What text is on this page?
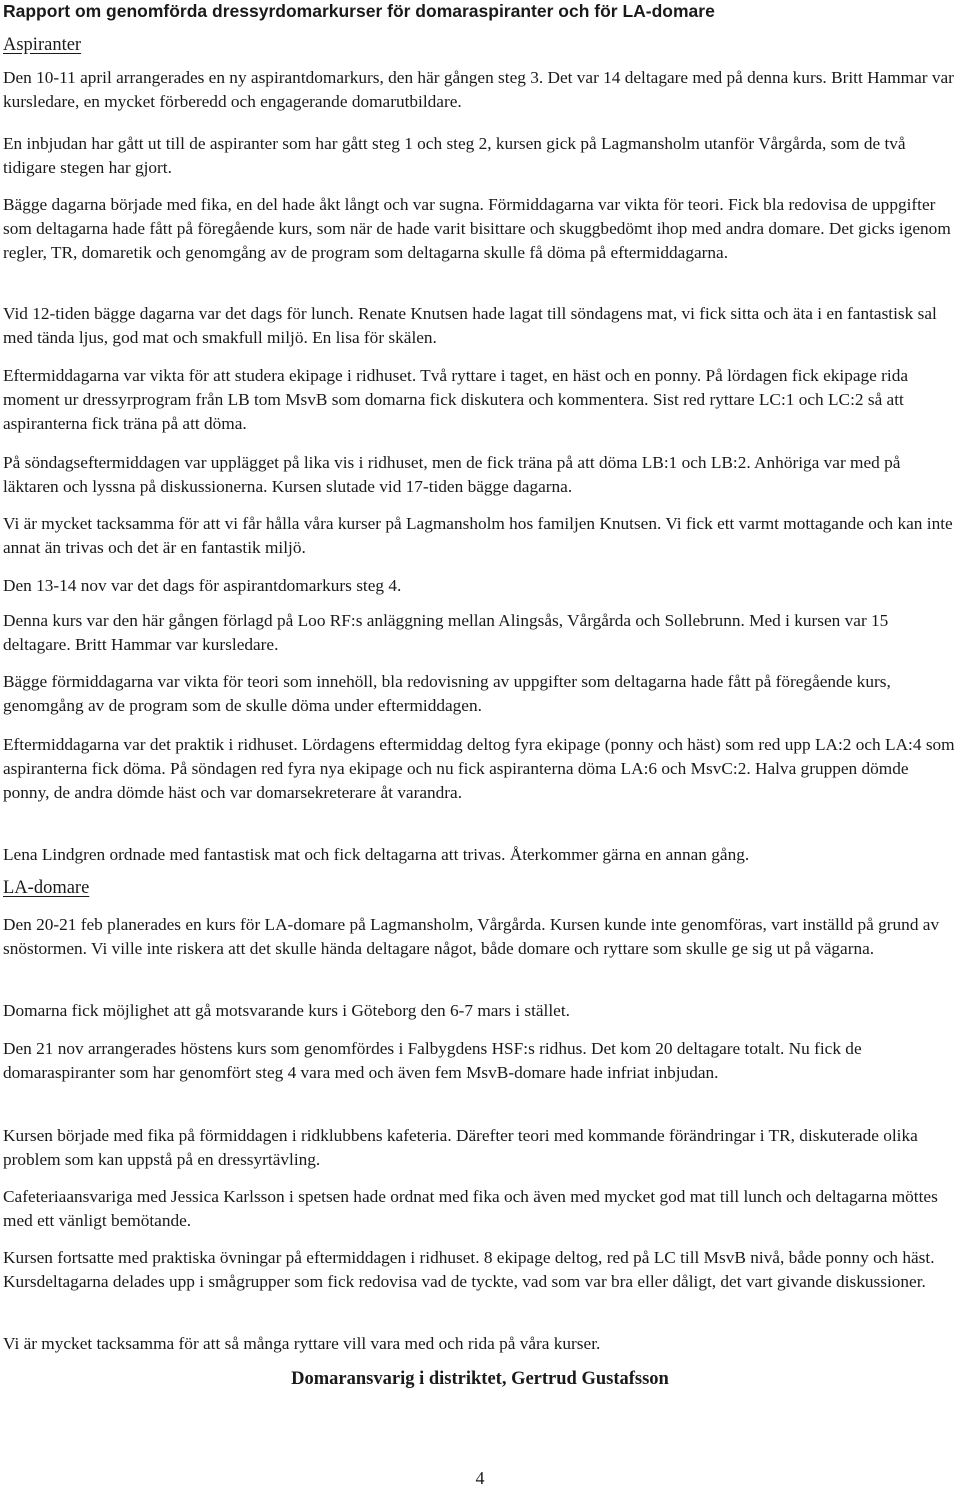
Rapport om genomförda dressyrdomarkurser för domaraspiranter och för LA-domare
Aspiranter

Den 10-11 april arrangerades en ny aspirantdomarkurs, den här gången steg 3. Det var 14 deltagare med på denna kurs. Britt Hammar var kursledare, en mycket förberedd och engagerande domarutbildare.

En inbjudan har gått ut till de aspiranter som har gått steg 1 och steg 2, kursen gick på Lagmansholm utanför Vårgårda, som de två tidigare stegen har gjort.

Bägge dagarna började med fika, en del hade åkt långt och var sugna. Förmiddagarna var vikta för teori. Fick bla redovisa de uppgifter som deltagarna hade fått på föregående kurs, som när de hade varit bisittare och skuggbedömt ihop med andra domare. Det gicks igenom regler, TR, domaretik och genomgång av de program som deltagarna skulle få döma på eftermiddagarna.

Vid 12-tiden bägge dagarna var det dags för lunch. Renate Knutsen hade lagat till söndagens mat, vi fick sitta och äta i en fantastisk sal med tända ljus, god mat och smakfull miljö. En lisa för skälen.

Eftermiddagarna var vikta för att studera ekipage i ridhuset. Två ryttare i taget, en häst och en ponny. På lördagen fick ekipage rida moment ur dressyrprogram från LB tom MsvB som domarna fick diskutera och kommentera. Sist red ryttare LC:1 och LC:2 så att aspiranterna fick träna på att döma.

På söndagseftermiddagen var upplägget på lika vis i ridhuset, men de fick träna på att döma LB:1 och LB:2. Anhöriga var med på läktaren och lyssna på diskussionerna. Kursen slutade vid 17-tiden bägge dagarna.

Vi är mycket tacksamma för att vi får hålla våra kurser på Lagmansholm hos familjen Knutsen. Vi fick ett varmt mottagande och kan inte annat än trivas och det är en fantastik miljö.

Den 13-14 nov var det dags för aspirantdomarkurs steg 4.

Denna kurs var den här gången förlagd på Loo RF:s anläggning mellan Alingsås, Vårgårda och Sollebrunn. Med i kursen var 15 deltagare. Britt Hammar var kursledare.

Bägge förmiddagarna var vikta för teori som innehöll, bla redovisning av uppgifter som deltagarna hade fått på föregående kurs, genomgång av de program som de skulle döma under eftermiddagen.

Eftermiddagarna var det praktik i ridhuset. Lördagens eftermiddag deltog fyra ekipage (ponny och häst) som red upp LA:2 och LA:4 som aspiranterna fick döma. På söndagen red fyra nya ekipage och nu fick aspiranterna döma LA:6 och MsvC:2. Halva gruppen dömde ponny, de andra dömde häst och var domarsekreterare åt varandra.

Lena Lindgren ordnade med fantastisk mat och fick deltagarna att trivas. Återkommer gärna en annan gång.

LA-domare

Den 20-21 feb planerades en kurs för LA-domare på Lagmansholm, Vårgårda. Kursen kunde inte genomföras, vart inställd på grund av snöstormen. Vi ville inte riskera att det skulle hända deltagare något, både domare och ryttare som skulle ge sig ut på vägarna.

Domarna fick möjlighet att gå motsvarande kurs i Göteborg den 6-7 mars i stället.

Den 21 nov arrangerades höstens kurs som genomfördes i Falbygdens HSF:s ridhus. Det kom 20 deltagare totalt. Nu fick de domaraspiranter som har genomfört steg 4 vara med och även fem MsvB-domare hade infriat inbjudan.

Kursen började med fika på förmiddagen i ridklubbens kafeteria. Därefter teori med kommande förändringar i TR, diskuterade olika problem som kan uppstå på en dressyrtävling.

Cafeteriaansvariga med Jessica Karlsson i spetsen hade ordnat med fika och även med mycket god mat till lunch och deltagarna möttes med ett vänligt bemötande.

Kursen fortsatte med praktiska övningar på eftermiddagen i ridhuset. 8 ekipage deltog, red på LC till MsvB nivå, både ponny och häst. Kursdeltagarna delades upp i smågrupper som fick redovisa vad de tyckte, vad som var bra eller dåligt, det vart givande diskussioner.

Vi är mycket tacksamma för att så många ryttare vill vara med och rida på våra kurser.

Domaransvarig i distriktet, Gertrud Gustafsson

4
